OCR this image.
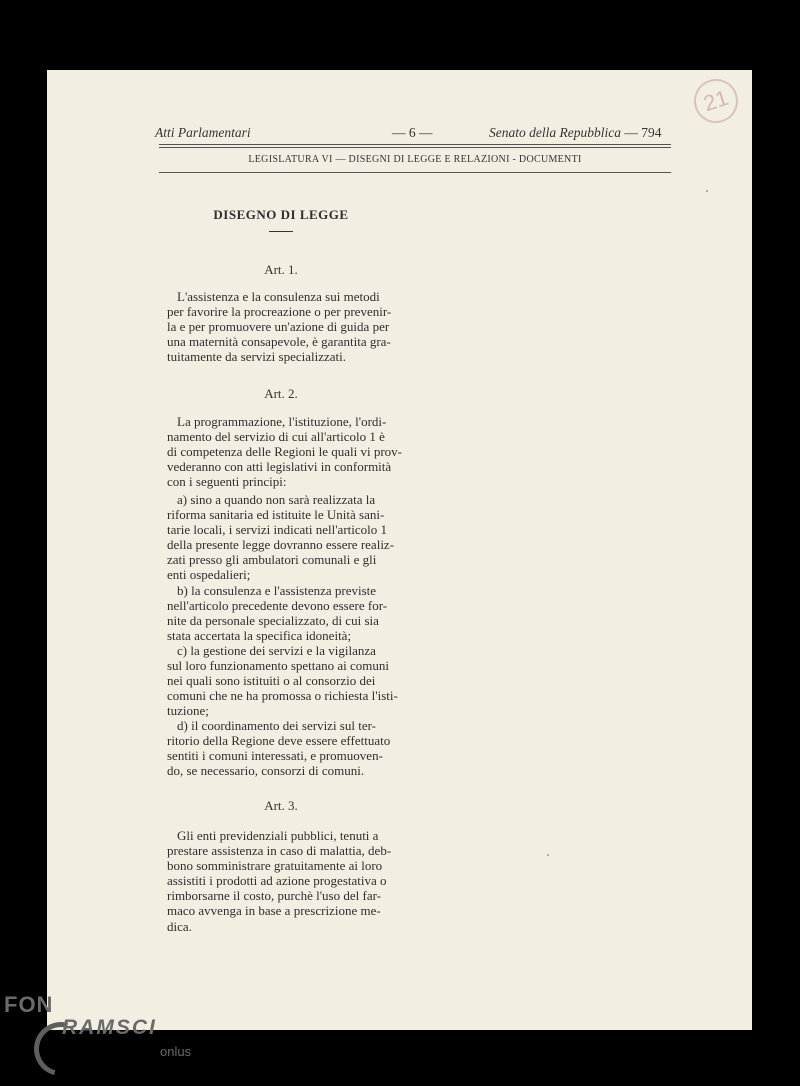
21
Atti Parlamentari	— 6 —	Senato della Repubblica — 794
LEGISLATURA VI — DISEGNI DI LEGGE E RELAZIONI - DOCUMENTI
DISEGNO DI LEGGE
Art. 1.
L'assistenza e la consulenza sui metodi
per favorire la procreazione o per prevenir-
la e per promuovere un'azione di guida per
una maternità consapevole, è garantita gra-
tuitamente da servizi specializzati.
Art. 2.
La programmazione, l'istituzione, l'ordi-
namento del servizio di cui all'articolo 1 è
di competenza delle Regioni le quali vi prov-
vederanno con atti legislativi in conformità
con i seguenti principi:
a) sino a quando non sarà realizzata la
riforma sanitaria ed istituite le Unità sani-
tarie locali, i servizi indicati nell'articolo 1
della presente legge dovranno essere realiz-
zati presso gli ambulatori comunali e gli
enti ospedalieri;
b) la consulenza e l'assistenza previste
nell'articolo precedente devono essere for-
nite da personale specializzato, di cui sia
stata accertata la specifica idoneità;
c) la gestione dei servizi e la vigilanza
sul loro funzionamento spettano ai comuni
nei quali sono istituiti o al consorzio dei
comuni che ne ha promossa o richiesta l'isti-
tuzione;
d) il coordinamento dei servizi sul ter-
ritorio della Regione deve essere effettuato
sentiti i comuni interessati, e promuoven-
do, se necessario, consorzi di comuni.
Art. 3.
Gli enti previdenziali pubblici, tenuti a
prestare assistenza in caso di malattia, deb-
bono somministrare gratuitamente ai loro
assistiti i prodotti ad azione progestativa o
rimborsarne il costo, purchè l'uso del far-
maco avvenga in base a prescrizione me-
dica.
FON
RAMSCI
onlus
